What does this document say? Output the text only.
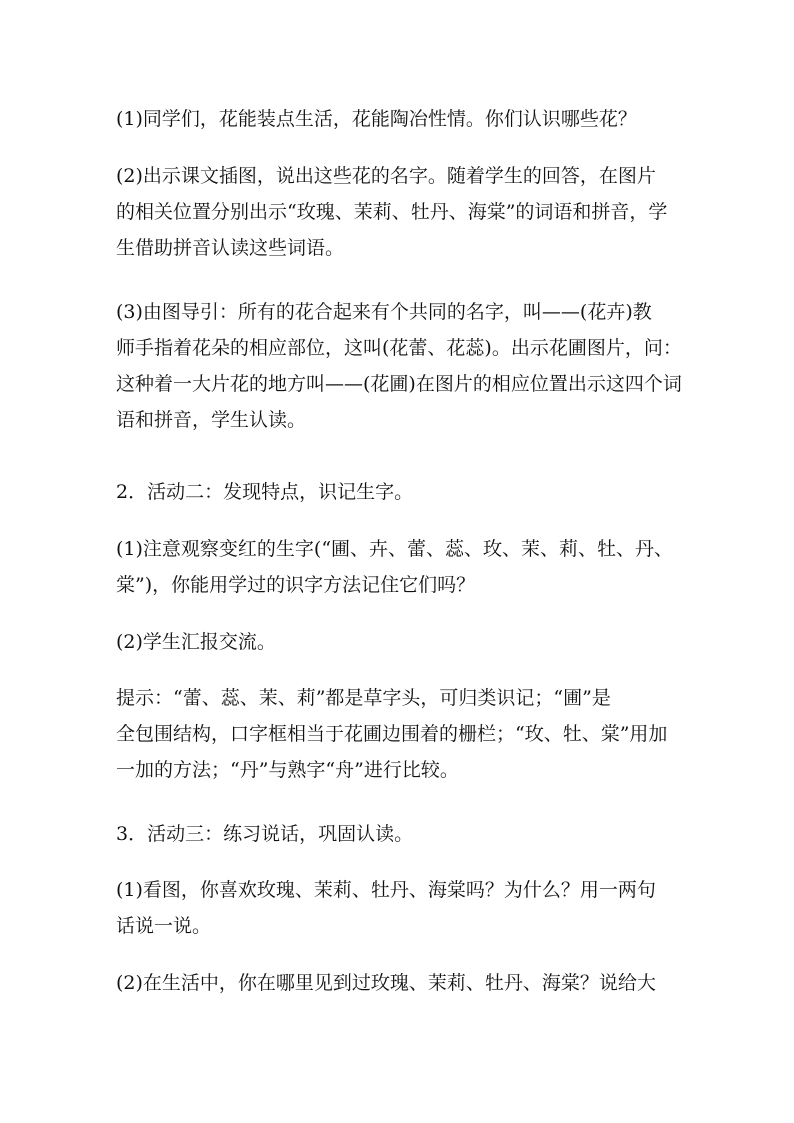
(1)同学们，花能装点生活，花能陶冶性情。你们认识哪些花？

(2)出示课文插图，说出这些花的名字。随着学生的回答，在图片
的相关位置分别出示“玫瑰、茉莉、牡丹、海棠”的词语和拼音，学
生借助拼音认读这些词语。

(3)由图导引：所有的花合起来有个共同的名字，叫——(花卉)教
师手指着花朵的相应部位，这叫(花蕾、花蕊)。出示花圃图片，问：
这种着一大片花的地方叫——(花圃)在图片的相应位置出示这四个词
语和拼音，学生认读。

2．活动二：发现特点，识记生字。

(1)注意观察变红的生字(“圃、卉、蕾、蕊、玫、茉、莉、牡、丹、
棠”)，你能用学过的识字方法记住它们吗？

(2)学生汇报交流。

提示：“蕾、蕊、茉、莉”都是草字头，可归类识记；“圃”是
全包围结构，口字框相当于花圃边围着的栅栏；“玫、牡、棠”用加
一加的方法；“丹”与熟字“舟”进行比较。

3．活动三：练习说话，巩固认读。

(1)看图，你喜欢玫瑰、茉莉、牡丹、海棠吗？为什么？用一两句
话说一说。

(2)在生活中，你在哪里见到过玫瑰、茉莉、牡丹、海棠？说给大
